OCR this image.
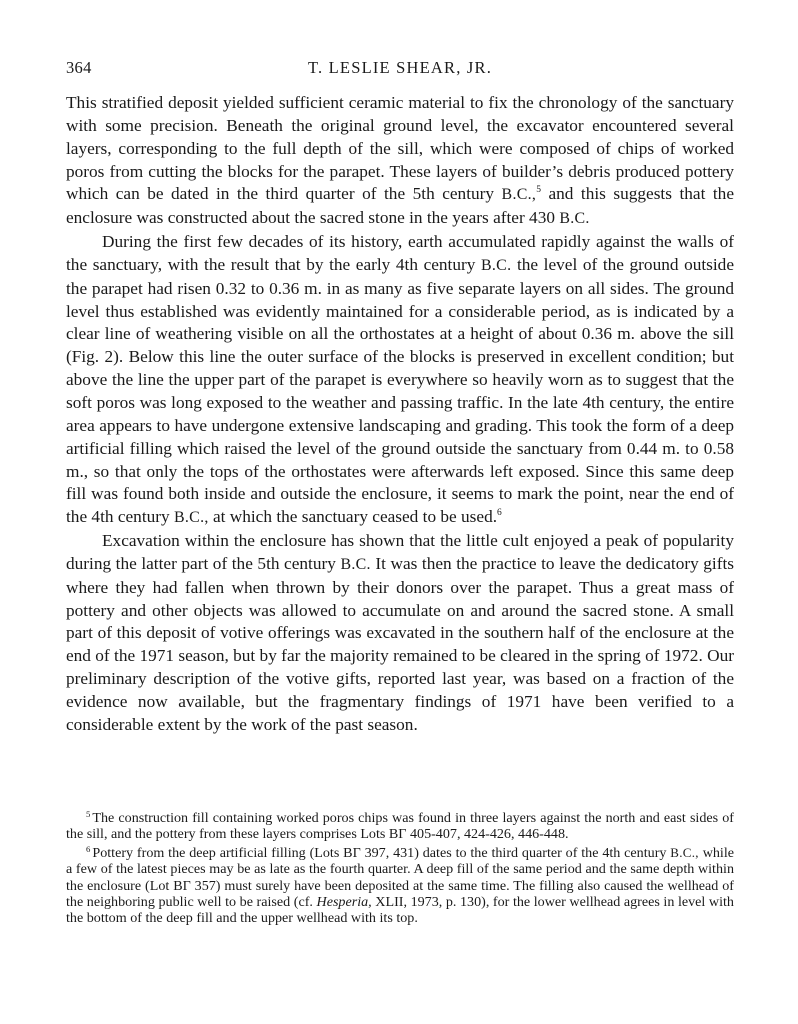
364	T. LESLIE SHEAR, JR.

This stratified deposit yielded sufficient ceramic material to fix the chronology of the sanctuary with some precision. Beneath the original ground level, the excavator encountered several layers, corresponding to the full depth of the sill, which were composed of chips of worked poros from cutting the blocks for the parapet. These layers of builder’s debris produced pottery which can be dated in the third quarter of the 5th century B.C.,$^5$ and this suggests that the enclosure was constructed about the sacred stone in the years after 430 B.C.

During the first few decades of its history, earth accumulated rapidly against the walls of the sanctuary, with the result that by the early 4th century B.C. the level of the ground outside the parapet had risen 0.32 to 0.36 m. in as many as five separate layers on all sides. The ground level thus established was evidently maintained for a considerable period, as is indicated by a clear line of weathering visible on all the orthostates at a height of about 0.36 m. above the sill (Fig. 2). Below this line the outer surface of the blocks is preserved in excellent condition; but above the line the upper part of the parapet is everywhere so heavily worn as to suggest that the soft poros was long exposed to the weather and passing traffic. In the late 4th century, the entire area appears to have undergone extensive landscaping and grading. This took the form of a deep artificial filling which raised the level of the ground outside the sanctuary from 0.44 m. to 0.58 m., so that only the tops of the orthostates were afterwards left exposed. Since this same deep fill was found both inside and outside the enclosure, it seems to mark the point, near the end of the 4th century B.C., at which the sanctuary ceased to be used.$^6$

Excavation within the enclosure has shown that the little cult enjoyed a peak of popularity during the latter part of the 5th century B.C. It was then the practice to leave the dedicatory gifts where they had fallen when thrown by their donors over the parapet. Thus a great mass of pottery and other objects was allowed to accumulate on and around the sacred stone. A small part of this deposit of votive offerings was excavated in the southern half of the enclosure at the end of the 1971 season, but by far the majority remained to be cleared in the spring of 1972. Our preliminary description of the votive gifts, reported last year, was based on a fraction of the evidence now available, but the fragmentary findings of 1971 have been verified to a considerable extent by the work of the past season.

$^5$ The construction fill containing worked poros chips was found in three layers against the north and east sides of the sill, and the pottery from these layers comprises Lots ΒΓ 405-407, 424-426, 446-448.

$^6$ Pottery from the deep artificial filling (Lots ΒΓ 397, 431) dates to the third quarter of the 4th century B.C., while a few of the latest pieces may be as late as the fourth quarter. A deep fill of the same period and the same depth within the enclosure (Lot ΒΓ 357) must surely have been deposited at the same time. The filling also caused the wellhead of the neighboring public well to be raised (cf. Hesperia, XLII, 1973, p. 130), for the lower wellhead agrees in level with the bottom of the deep fill and the upper wellhead with its top.
